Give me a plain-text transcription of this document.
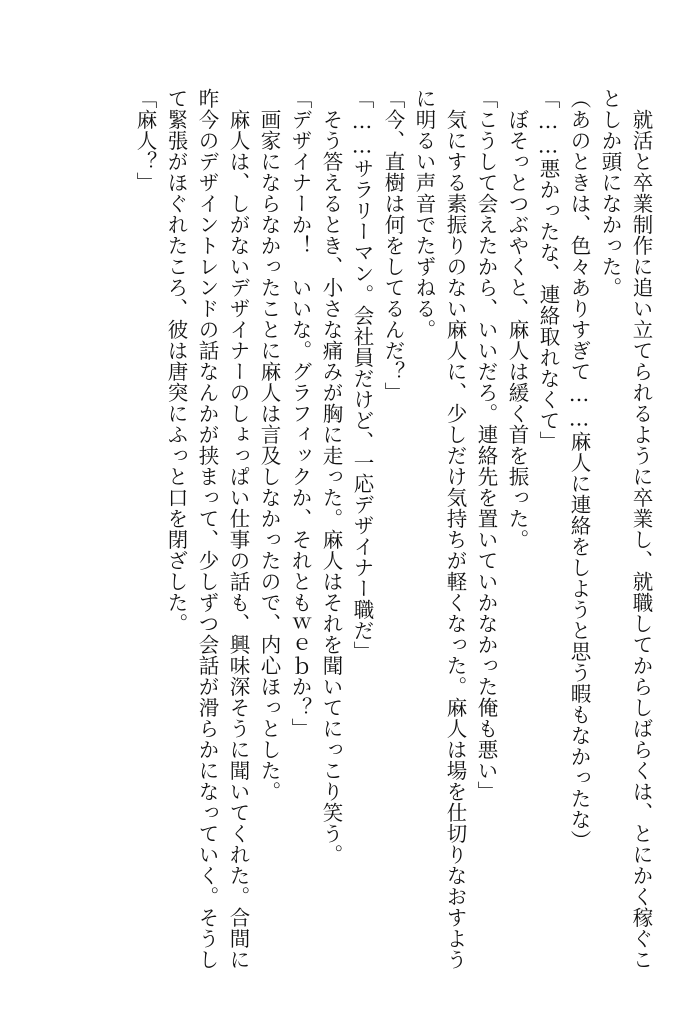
　就活と卒業制作に追い立てられるように卒業し、就職してからしばらくは、とにかく稼ぐこ
としか頭になかった。
（あのときは、色々ありすぎて……麻人に連絡をしようと思う暇もなかったな）
「……悪かったな、連絡取れなくて」
　ぼそっとつぶやくと、麻人は緩く首を振った。
「こうして会えたから、いいだろ。連絡先を置いていかなかった俺も悪い」
　気にする素振りのない麻人に、少しだけ気持ちが軽くなった。麻人は場を仕切りなおすよう
に明るい声音でたずねる。
「今、直樹は何をしてるんだ？」
「……サラリーマン。会社員だけど、一応デザイナー職だ」
　そう答えるとき、小さな痛みが胸に走った。麻人はそれを聞いてにっこり笑う。
「デザイナーか！　いいな。グラフィックか、それともｗｅｂか？」
　画家にならなかったことに麻人は言及しなかったので、内心ほっとした。
　麻人は、しがないデザイナーのしょっぱい仕事の話も、興味深そうに聞いてくれた。合間に
昨今のデザイントレンドの話なんかが挟まって、少しずつ会話が滑らかになっていく。そうし
て緊張がほぐれたころ、彼は唐突にふっと口を閉ざした。
「麻人？」
